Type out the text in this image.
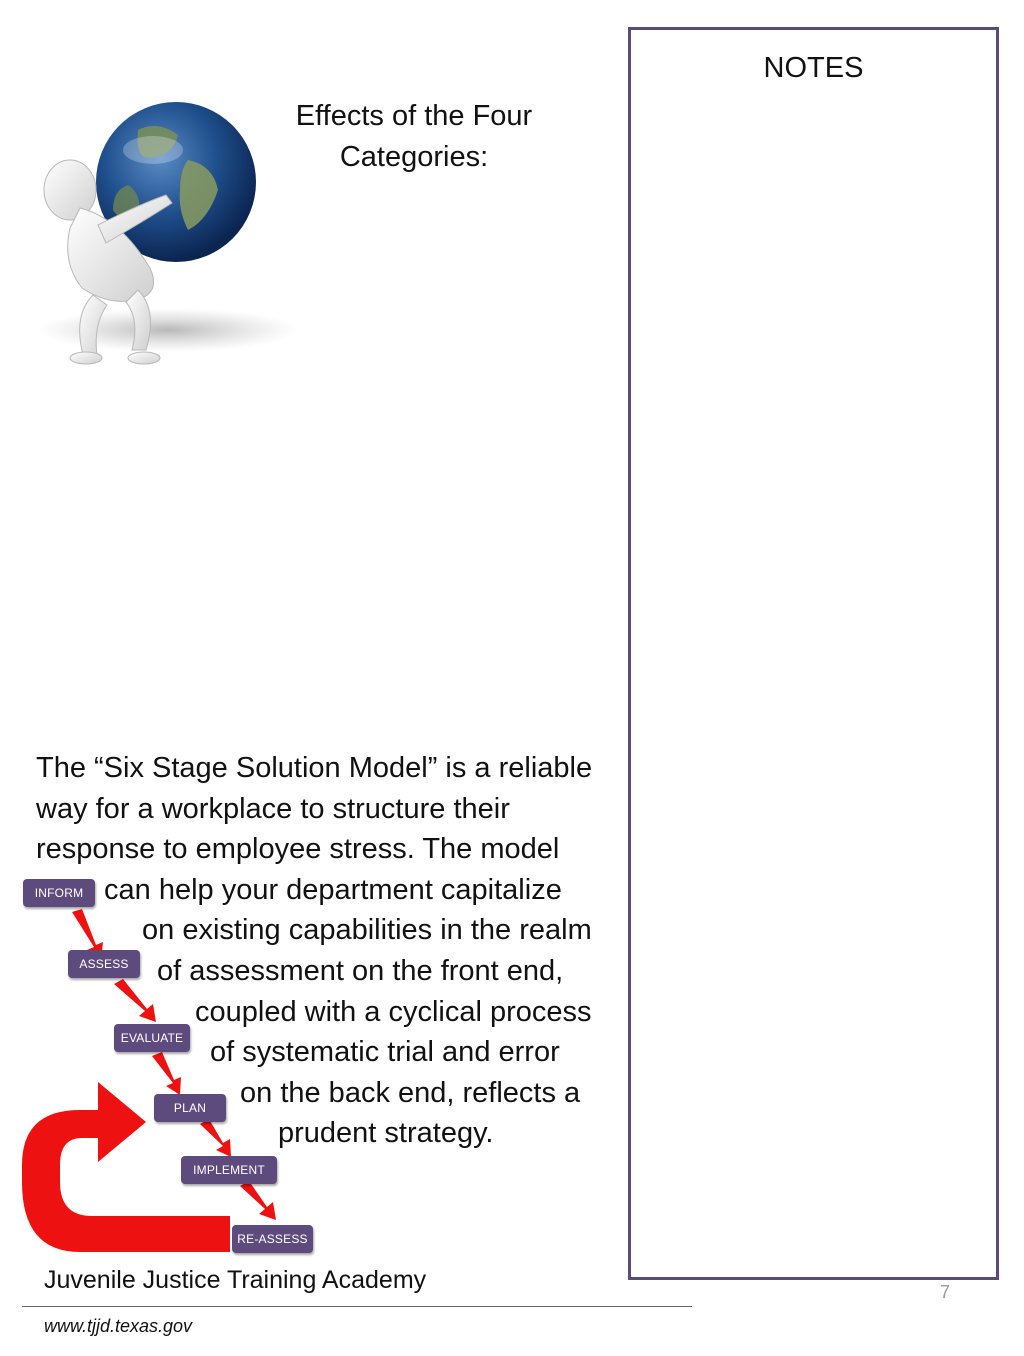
NOTES
7
Effects of the Four
Categories:
The “Six Stage Solution Model” is a reliable
way for a workplace to structure their
response to employee stress. The model
can help your department capitalize
on existing capabilities in the realm
of assessment on the front end,
coupled with a cyclical process
of systematic trial and error
on the back end, reflects a
prudent strategy.
INFORM
ASSESS
EVALUATE
PLAN
IMPLEMENT
RE-ASSESS
Juvenile Justice Training Academy
www.tjjd.texas.gov
